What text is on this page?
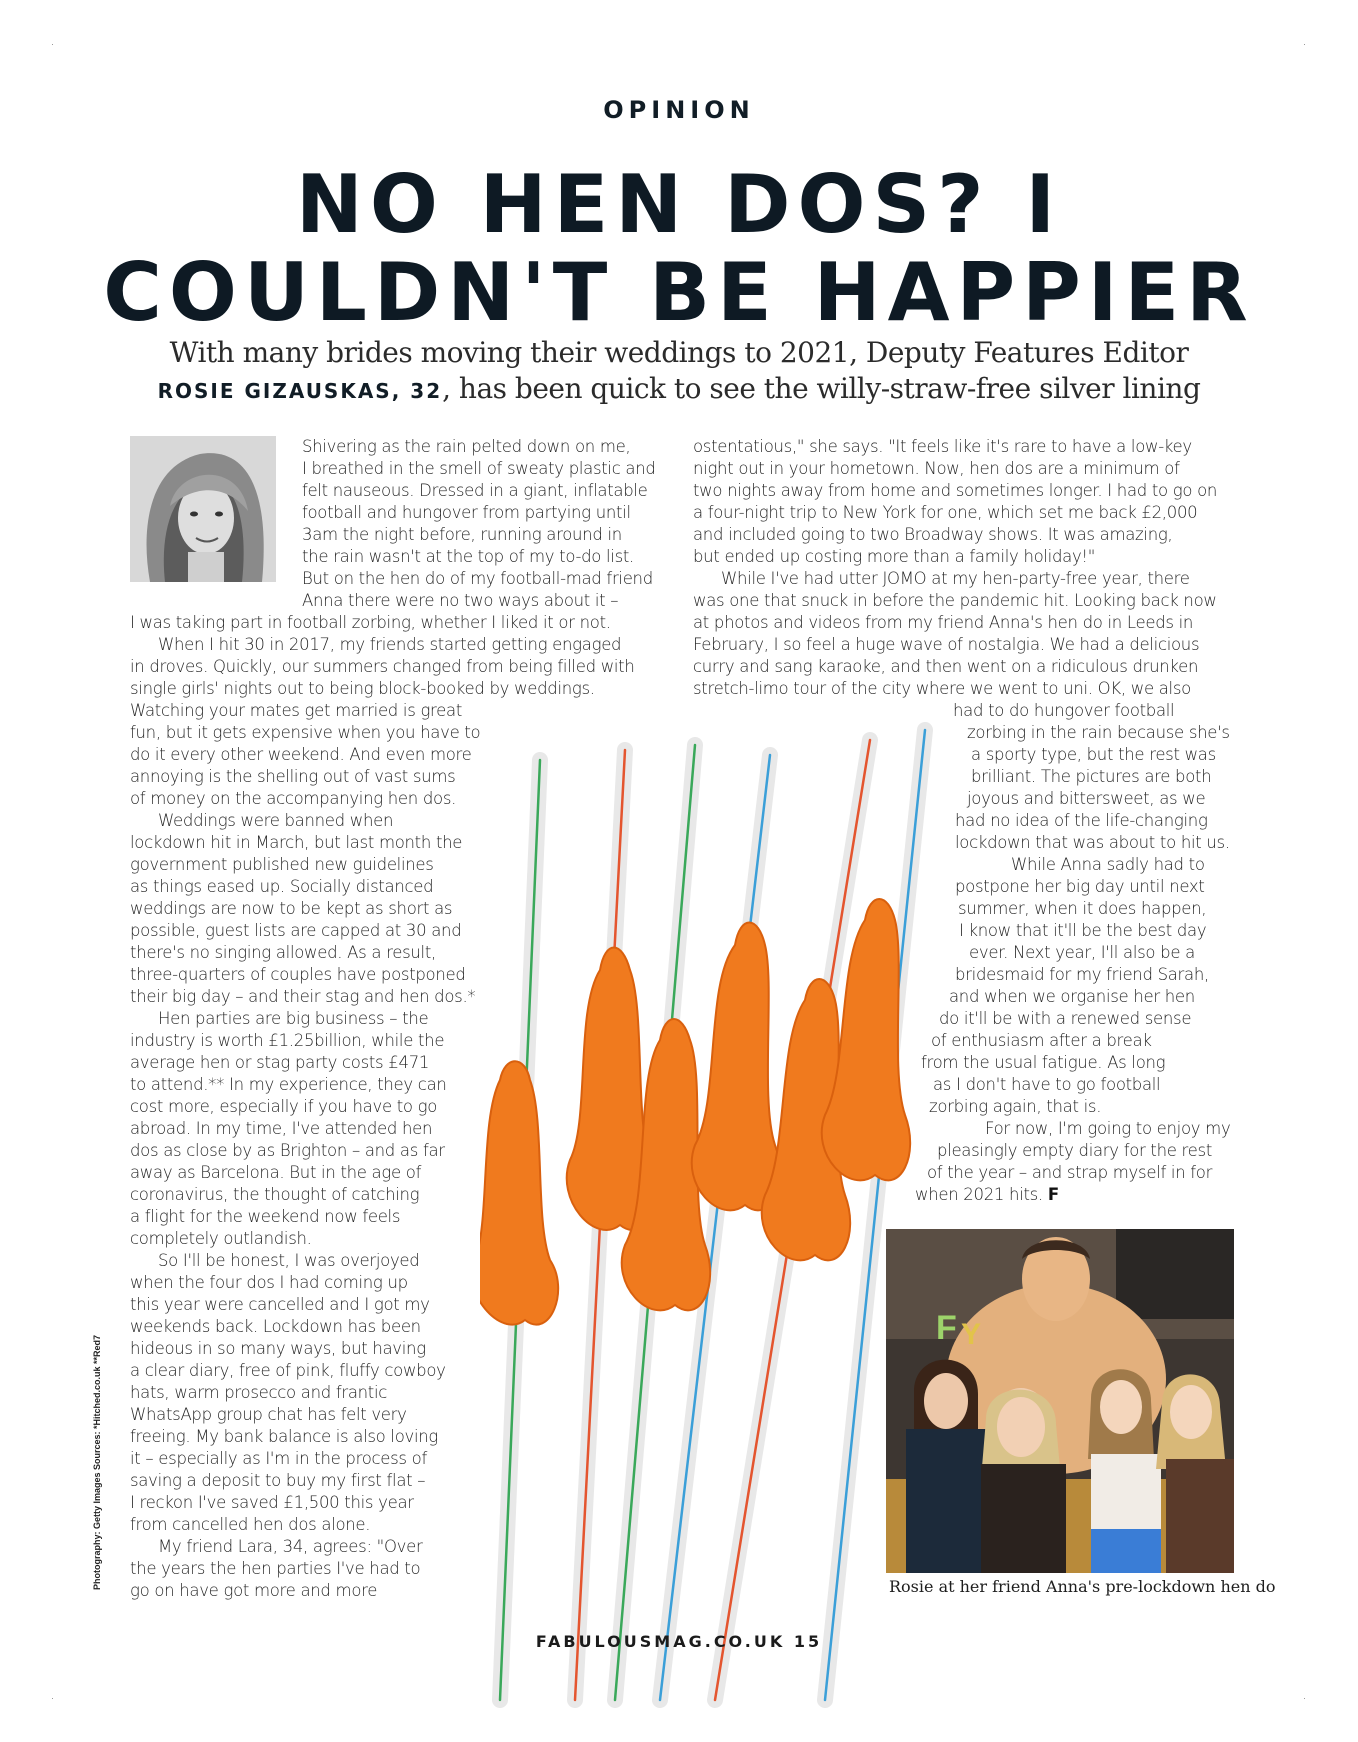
OPINION
NO HEN DOS? I
COULDN'T BE HAPPIER
With many brides moving their weddings to 2021, Deputy Features Editor
ROSIE GIZAUSKAS, 32, has been quick to see the willy-straw-free silver lining
Shivering as the rain pelted down on me,
I breathed in the smell of sweaty plastic and
felt nauseous. Dressed in a giant, inflatable
football and hungover from partying until
3am the night before, running around in
the rain wasn't at the top of my to-do list.
But on the hen do of my football-mad friend
Anna there were no two ways about it –
I was taking part in football zorbing, whether I liked it or not.
When I hit 30 in 2017, my friends started getting engaged
in droves. Quickly, our summers changed from being filled with
single girls' nights out to being block-booked by weddings.
Watching your mates get married is great
fun, but it gets expensive when you have to
do it every other weekend. And even more
annoying is the shelling out of vast sums
of money on the accompanying hen dos.
Weddings were banned when
lockdown hit in March, but last month the
government published new guidelines
as things eased up. Socially distanced
weddings are now to be kept as short as
possible, guest lists are capped at 30 and
there's no singing allowed. As a result,
three-quarters of couples have postponed
their big day – and their stag and hen dos.*
Hen parties are big business – the
industry is worth £1.25billion, while the
average hen or stag party costs £471
to attend.** In my experience, they can
cost more, especially if you have to go
abroad. In my time, I've attended hen
dos as close by as Brighton – and as far
away as Barcelona. But in the age of
coronavirus, the thought of catching
a flight for the weekend now feels
completely outlandish.
So I'll be honest, I was overjoyed
when the four dos I had coming up
this year were cancelled and I got my
weekends back. Lockdown has been
hideous in so many ways, but having
a clear diary, free of pink, fluffy cowboy
hats, warm prosecco and frantic
WhatsApp group chat has felt very
freeing. My bank balance is also loving
it – especially as I'm in the process of
saving a deposit to buy my first flat –
I reckon I've saved £1,500 this year
from cancelled hen dos alone.
My friend Lara, 34, agrees: "Over
the years the hen parties I've had to
go on have got more and more
ostentatious," she says. "It feels like it's rare to have a low-key
night out in your hometown. Now, hen dos are a minimum of
two nights away from home and sometimes longer. I had to go on
a four-night trip to New York for one, which set me back £2,000
and included going to two Broadway shows. It was amazing,
but ended up costing more than a family holiday!"
While I've had utter JOMO at my hen-party-free year, there
was one that snuck in before the pandemic hit. Looking back now
at photos and videos from my friend Anna's hen do in Leeds in
February, I so feel a huge wave of nostalgia. We had a delicious
curry and sang karaoke, and then went on a ridiculous drunken
stretch-limo tour of the city where we went to uni. OK, we also
had to do hungover football
zorbing in the rain because she's
a sporty type, but the rest was
brilliant. The pictures are both
joyous and bittersweet, as we
had no idea of the life-changing
lockdown that was about to hit us.
While Anna sadly had to
postpone her big day until next
summer, when it does happen,
I know that it'll be the best day
ever. Next year, I'll also be a
bridesmaid for my friend Sarah,
and when we organise her hen
do it'll be with a renewed sense
of enthusiasm after a break
from the usual fatigue. As long
as I don't have to go football
zorbing again, that is.
For now, I'm going to enjoy my
pleasingly empty diary for the rest
of the year – and strap myself in for
when 2021 hits. F
F Y
Rosie at her friend Anna's pre-lockdown hen do
FABULOUSMAG.CO.UK 15
Photography: Getty Images Sources: *Hitched.co.uk **Red7
